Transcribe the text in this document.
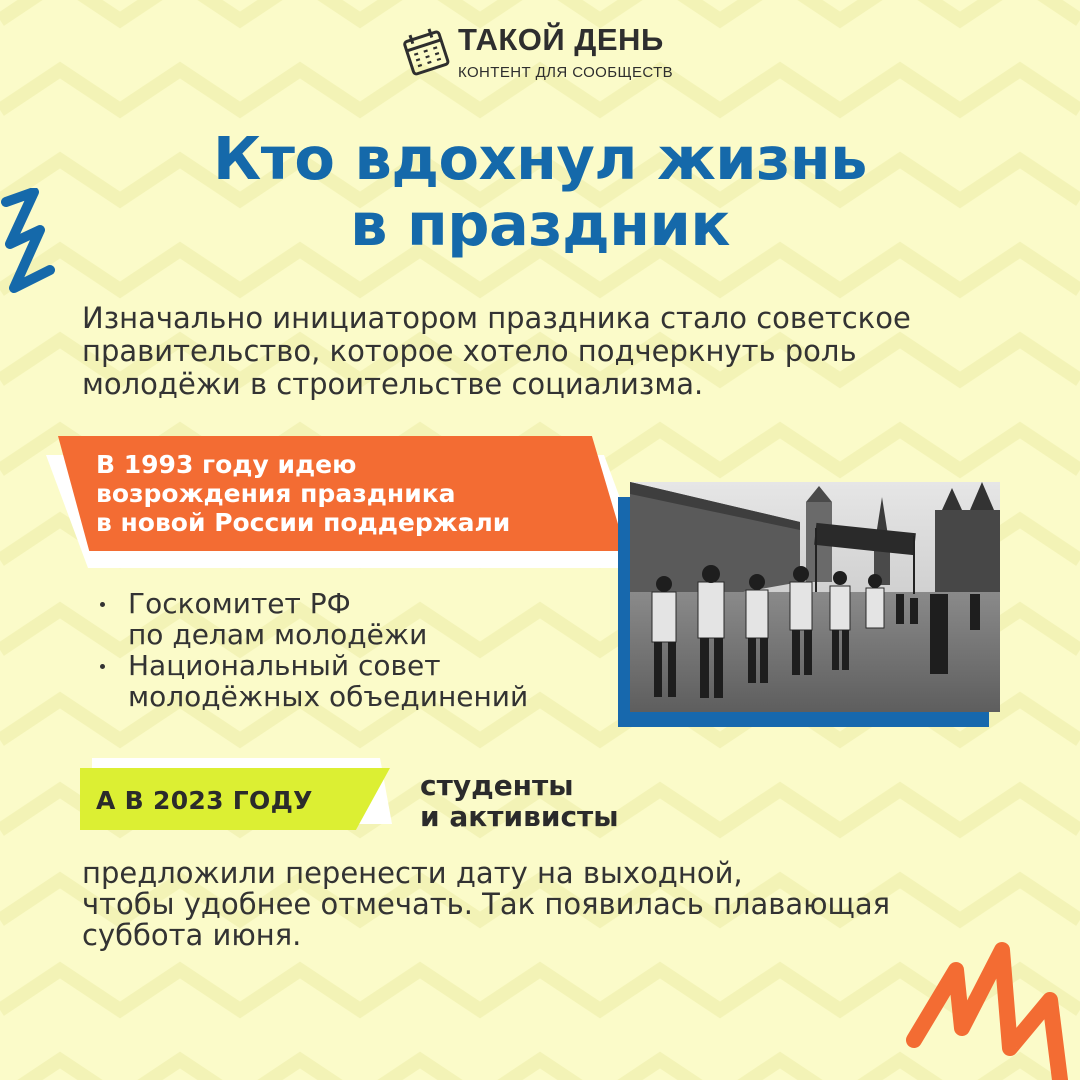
ТАКОЙ ДЕНЬ
КОНТЕНТ ДЛЯ СООБЩЕСТВ
Кто вдохнул жизнь
в праздник
Изначально инициатором праздника стало советское
правительство, которое хотело подчеркнуть роль
молодёжи в строительстве социализма.
В 1993 году идею
возрождения праздника
в новой России поддержали
Госкомитет РФ
по делам молодёжи
Национальный совет
молодёжных объединений
А В 2023 ГОДУ	студенты
и активисты
предложили перенести дату на выходной,
чтобы удобнее отмечать. Так появилась плавающая
суббота июня.
